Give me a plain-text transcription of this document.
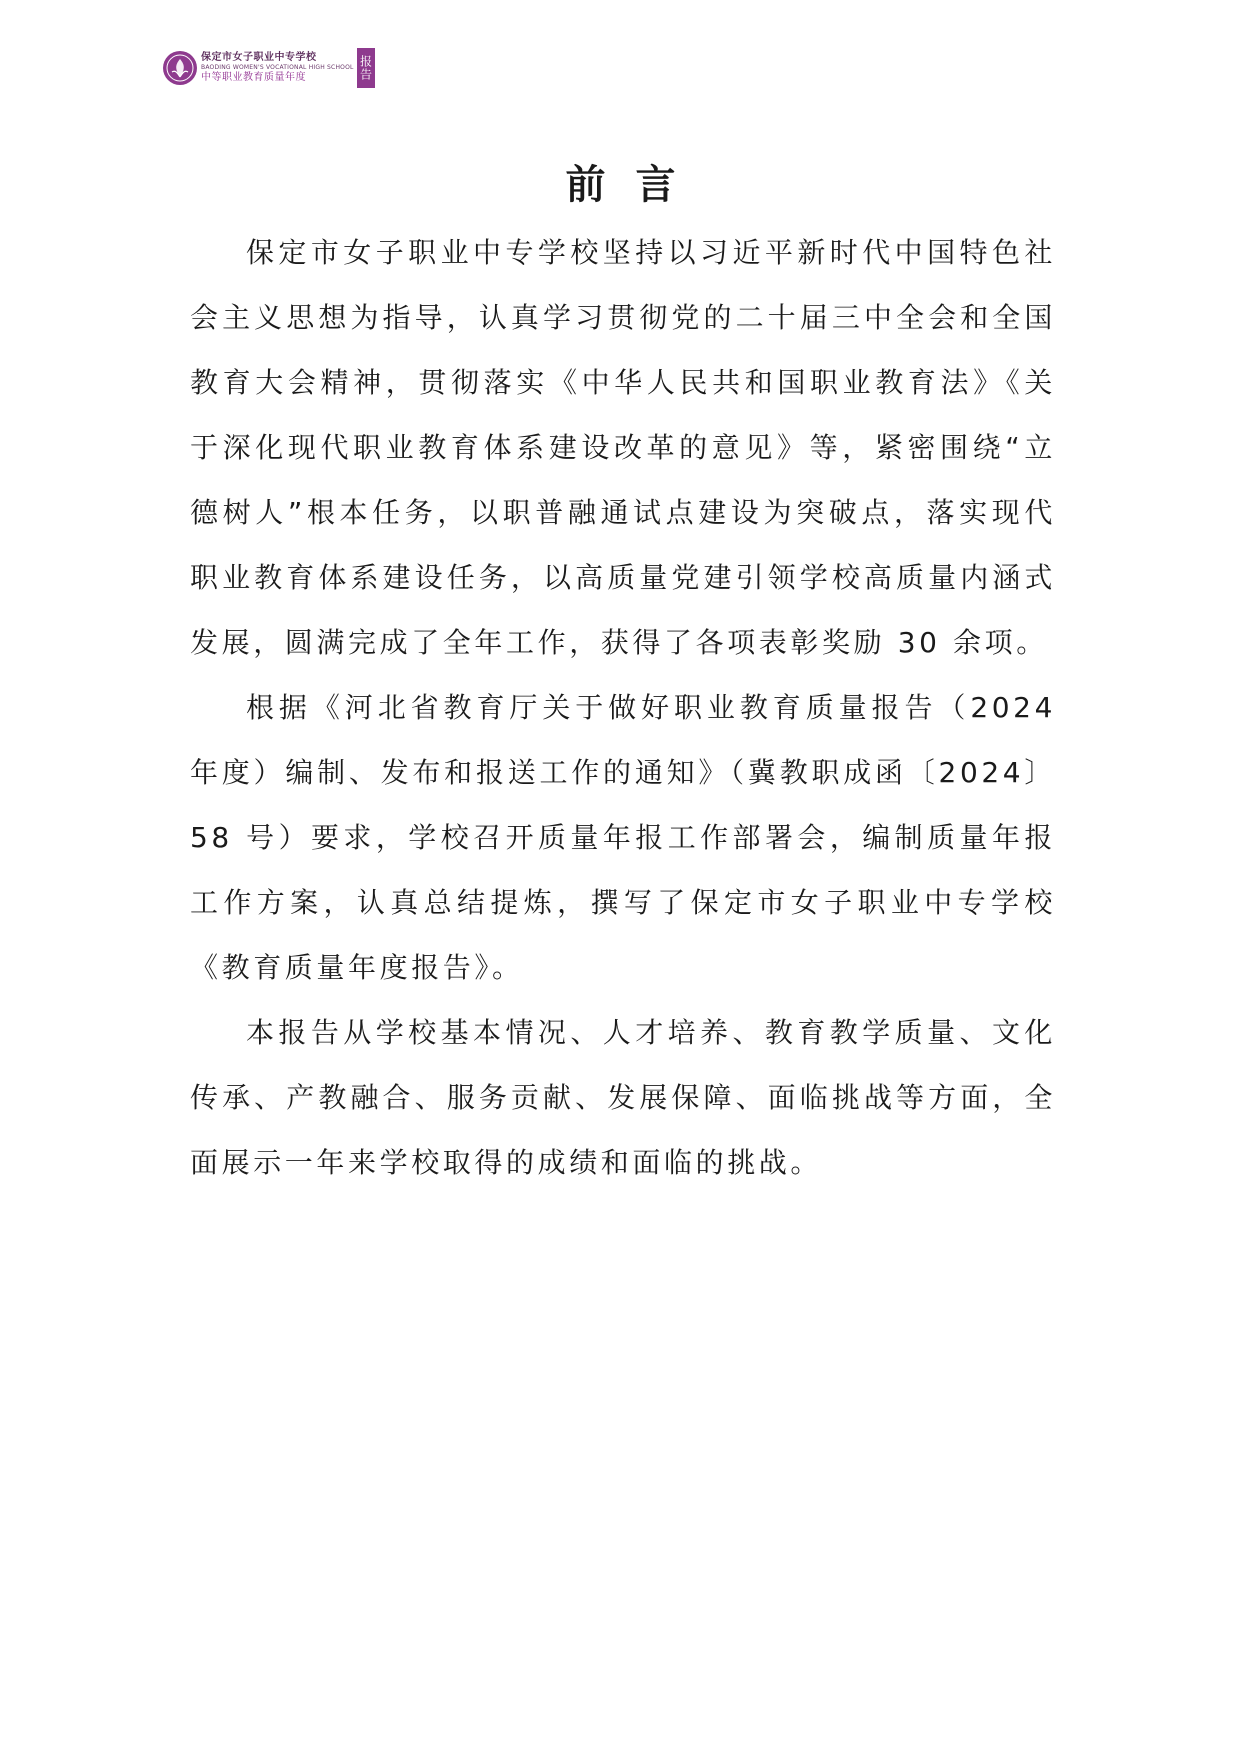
保定市女子职业中专学校
BAODING WOMEN'S VOCATIONAL HIGH SCHOOL
中等职业教育质量年度	报告
前言

保定市女子职业中专学校坚持以习近平新时代中国特色社会主义思想为指导，认真学习贯彻党的二十届三中全会和全国教育大会精神，贯彻落实《中华人民共和国职业教育法》《关于深化现代职业教育体系建设改革的意见》等，紧密围绕“立德树人”根本任务，以职普融通试点建设为突破点，落实现代职业教育体系建设任务，以高质量党建引领学校高质量内涵式发展，圆满完成了全年工作，获得了各项表彰奖励 30 余项。

根据《河北省教育厅关于做好职业教育质量报告（2024 年度）编制、发布和报送工作的通知》（冀教职成函〔2024〕58 号）要求，学校召开质量年报工作部署会，编制质量年报工作方案，认真总结提炼，撰写了保定市女子职业中专学校《教育质量年度报告》。

本报告从学校基本情况、人才培养、教育教学质量、文化传承、产教融合、服务贡献、发展保障、面临挑战等方面，全面展示一年来学校取得的成绩和面临的挑战。
